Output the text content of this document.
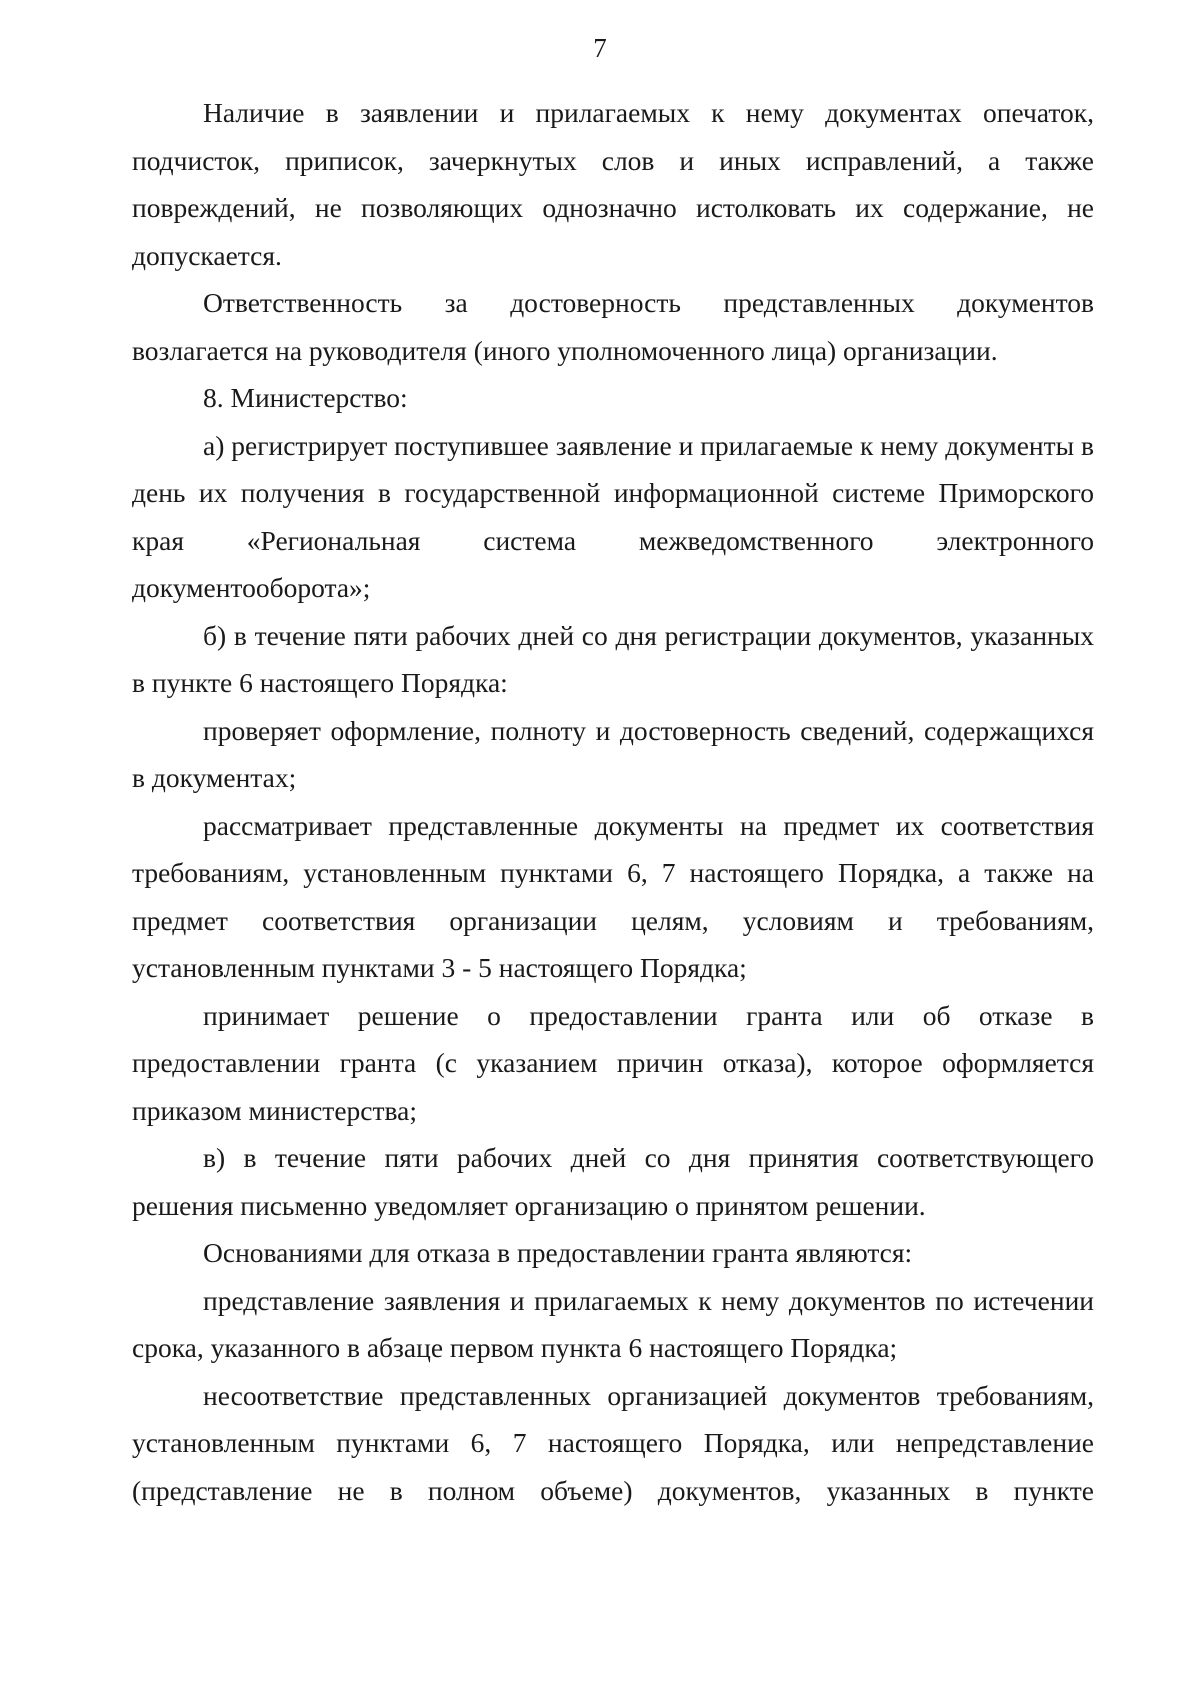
7

Наличие в заявлении и прилагаемых к нему документах опечаток, подчисток, приписок, зачеркнутых слов и иных исправлений, а также повреждений, не позволяющих однозначно истолковать их содержание, не допускается.

Ответственность за достоверность представленных документов возлагается на руководителя (иного уполномоченного лица) организации.

8. Министерство:

а) регистрирует поступившее заявление и прилагаемые к нему документы в день их получения в государственной информационной системе Приморского края «Региональная система межведомственного электронного документооборота»;

б) в течение пяти рабочих дней со дня регистрации документов, указанных в пункте 6 настоящего Порядка:

проверяет оформление, полноту и достоверность сведений, содержащихся в документах;

рассматривает представленные документы на предмет их соответствия требованиям, установленным пунктами 6, 7 настоящего Порядка, а также на предмет соответствия организации целям, условиям и требованиям, установленным пунктами 3 - 5 настоящего Порядка;

принимает решение о предоставлении гранта или об отказе в предоставлении гранта (с указанием причин отказа), которое оформляется приказом министерства;

в) в течение пяти рабочих дней со дня принятия соответствующего решения письменно уведомляет организацию о принятом решении.

Основаниями для отказа в предоставлении гранта являются:

представление заявления и прилагаемых к нему документов по истечении срока, указанного в абзаце первом пункта 6 настоящего Порядка;

несоответствие представленных организацией документов требованиям, установленным пунктами 6, 7 настоящего Порядка, или непредставление (представление не в полном объеме) документов, указанных в пункте
